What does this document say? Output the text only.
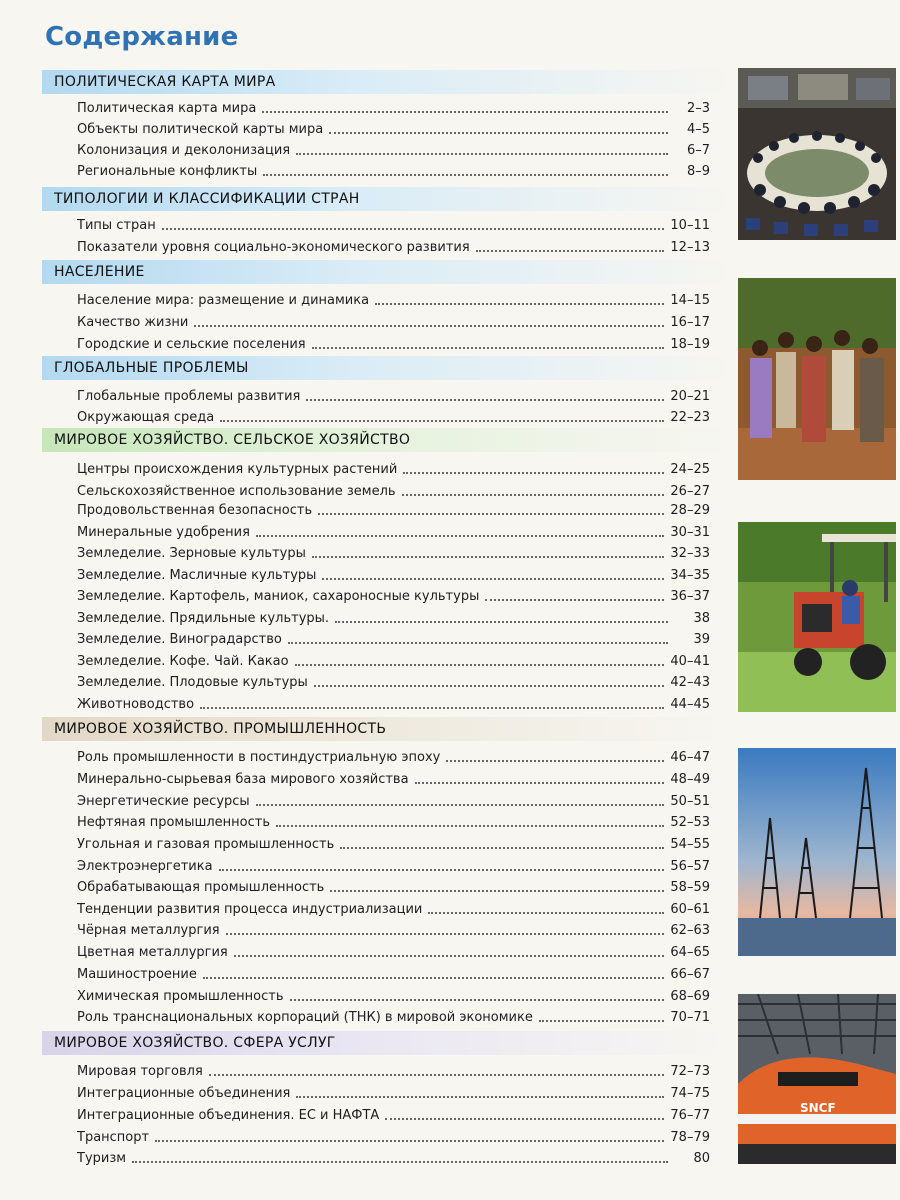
Содержание
ПОЛИТИЧЕСКАЯ КАРТА МИРА
Политическая карта мира	2–3
Объекты политической карты мира	4–5
Колонизация и деколонизация	6–7
Региональные конфликты	8–9
ТИПОЛОГИИ И КЛАССИФИКАЦИИ СТРАН
Типы стран	10–11
Показатели уровня социально-экономического развития	12–13
НАСЕЛЕНИЕ
Население мира: размещение и динамика	14–15
Качество жизни	16–17
Городские и сельские поселения	18–19
ГЛОБАЛЬНЫЕ ПРОБЛЕМЫ
Глобальные проблемы развития	20–21
Окружающая среда	22–23
МИРОВОЕ ХОЗЯЙСТВО. СЕЛЬСКОЕ ХОЗЯЙСТВО
Центры происхождения культурных растений	24–25
Сельскохозяйственное использование земель	26–27
Продовольственная безопасность	28–29
Минеральные удобрения	30–31
Земледелие. Зерновые культуры	32–33
Земледелие. Масличные культуры	34–35
Земледелие. Картофель, маниок, сахароносные культуры	36–37
Земледелие. Прядильные культуры.	38
Земледелие. Виноградарство	39
Земледелие. Кофе. Чай. Какао	40–41
Земледелие. Плодовые культуры	42–43
Животноводство	44–45
МИРОВОЕ ХОЗЯЙСТВО. ПРОМЫШЛЕННОСТЬ
Роль промышленности в постиндустриальную эпоху	46–47
Минерально-сырьевая база мирового хозяйства	48–49
Энергетические ресурсы	50–51
Нефтяная промышленность	52–53
Угольная и газовая промышленность	54–55
Электроэнергетика	56–57
Обрабатывающая промышленность	58–59
Тенденции развития процесса индустриализации	60–61
Чёрная металлургия	62–63
Цветная металлургия	64–65
Машиностроение	66–67
Химическая промышленность	68–69
Роль транснациональных корпораций (ТНК) в мировой экономике	70–71
МИРОВОЕ ХОЗЯЙСТВО. СФЕРА УСЛУГ
Мировая торговля	72–73
Интеграционные объединения	74–75
Интеграционные объединения. ЕС и НАФТА	76–77
Транспорт	78–79
Туризм	80
SNCF
